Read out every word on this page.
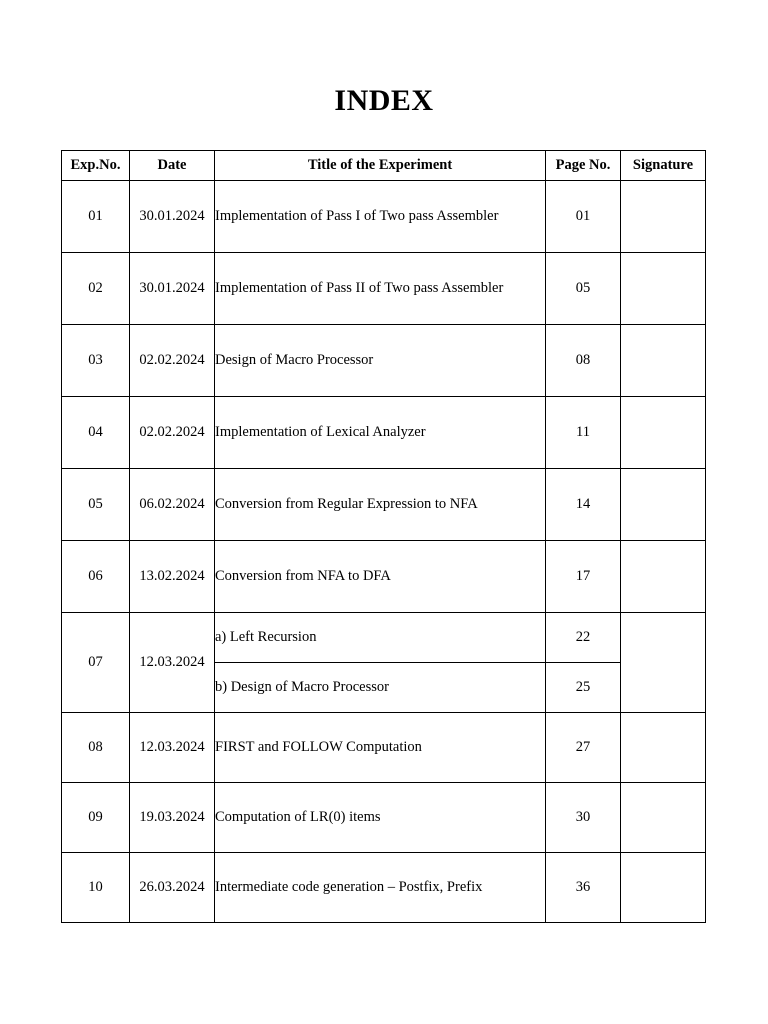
INDEX
Exp.No.	Date	Title of the Experiment	Page No.	Signature
01	30.01.2024	Implementation of Pass I of Two pass Assembler	01	
02	30.01.2024	Implementation of Pass II of Two pass Assembler	05	
03	02.02.2024	Design of Macro Processor	08	
04	02.02.2024	Implementation of Lexical Analyzer	11	
05	06.02.2024	Conversion from Regular Expression to NFA	14	
06	13.02.2024	Conversion from NFA to DFA	17	
07	12.03.2024	a) Left Recursion	22	
		b) Design of Macro Processor	25	
08	12.03.2024	FIRST and FOLLOW Computation	27	
09	19.03.2024	Computation of LR(0) items	30	
10	26.03.2024	Intermediate code generation – Postfix, Prefix	36	
